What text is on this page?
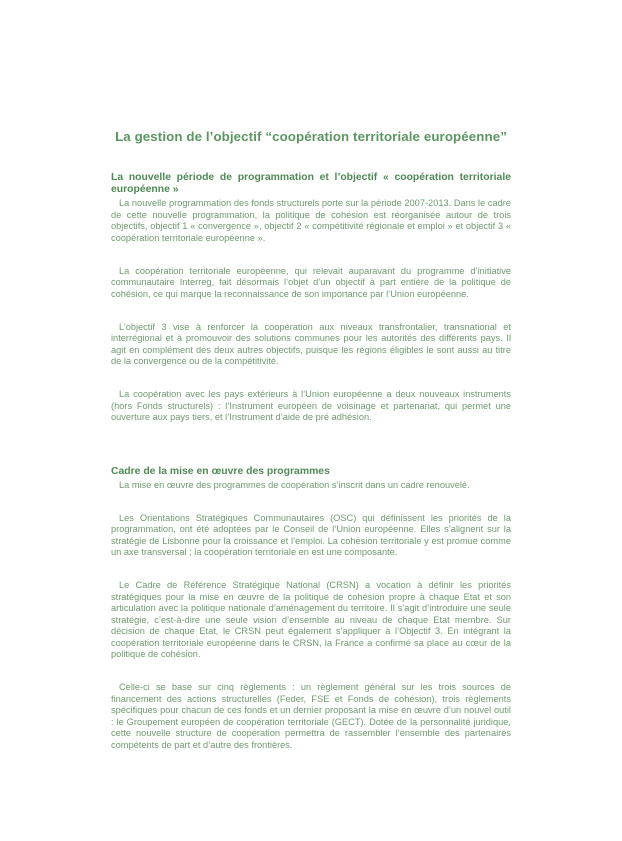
La gestion de l’objectif “coopération territoriale européenne”
La nouvelle période de programmation et l’objectif « coopération territoriale européenne »

La nouvelle programmation des fonds structurels porte sur la période 2007-2013. Dans le cadre de cette nouvelle programmation, la politique de cohésion est réorganisée autour de trois objectifs, objectif 1 « convergence », objectif 2 « compétitivité régionale et emploi » et objectif 3 « coopération territoriale européenne ».

La coopération territoriale européenne, qui relevait auparavant du programme d’initiative communautaire Interreg, fait désormais l’objet d’un objectif à part entière de la politique de cohésion, ce qui marque la reconnaissance de son importance par l’Union européenne.

L’objectif 3 vise à renforcer la coopération aux niveaux transfrontalier, transnational et interrégional et à promouvoir des solutions communes pour les autorités des différents pays. Il agit en complément des deux autres objectifs, puisque les régions éligibles le sont aussi au titre de la convergence ou de la compétitivité.

La coopération avec les pays extérieurs à l’Union européenne a deux nouveaux instruments (hors Fonds structurels) : l’Instrument européen de voisinage et partenariat, qui permet une ouverture aux pays tiers, et l’Instrument d’aide de pré adhésion.

Cadre de la mise en œuvre des programmes

La mise en œuvre des programmes de coopération s’inscrit dans un cadre renouvelé.

Les Orientations Stratégiques Communautaires (OSC) qui définissent les priorités de la programmation, ont été adoptées par le Conseil de l’Union européenne. Elles s’alignent sur la stratégie de Lisbonne pour la croissance et l’emploi. La cohésion territoriale y est promue comme un axe transversal ; la coopération territoriale en est une composante.

Le Cadre de Référence Stratégique National (CRSN) a vocation à définir les priorités stratégiques pour la mise en œuvre de la politique de cohésion propre à chaque Etat et son articulation avec la politique nationale d’aménagement du territoire. Il s’agit d’introduire une seule stratégie, c’est-à-dire une seule vision d’ensemble au niveau de chaque Etat membre. Sur décision de chaque Etat, le CRSN peut également s’appliquer à l’Objectif 3. En intégrant la coopération territoriale européenne dans le CRSN, la France a confirmé sa place au cœur de la politique de cohésion.

Celle-ci se base sur cinq règlements : un règlement général sur les trois sources de financement des actions structurelles (Feder, FSE et Fonds de cohésion), trois règlements spécifiques pour chacun de ces fonds et un dernier proposant la mise en œuvre d’un nouvel outil : le Groupement européen de coopération territoriale (GECT). Dotée de la personnalité juridique, cette nouvelle structure de coopération permettra de rassembler l’ensemble des partenaires compétents de part et d’autre des frontières.
